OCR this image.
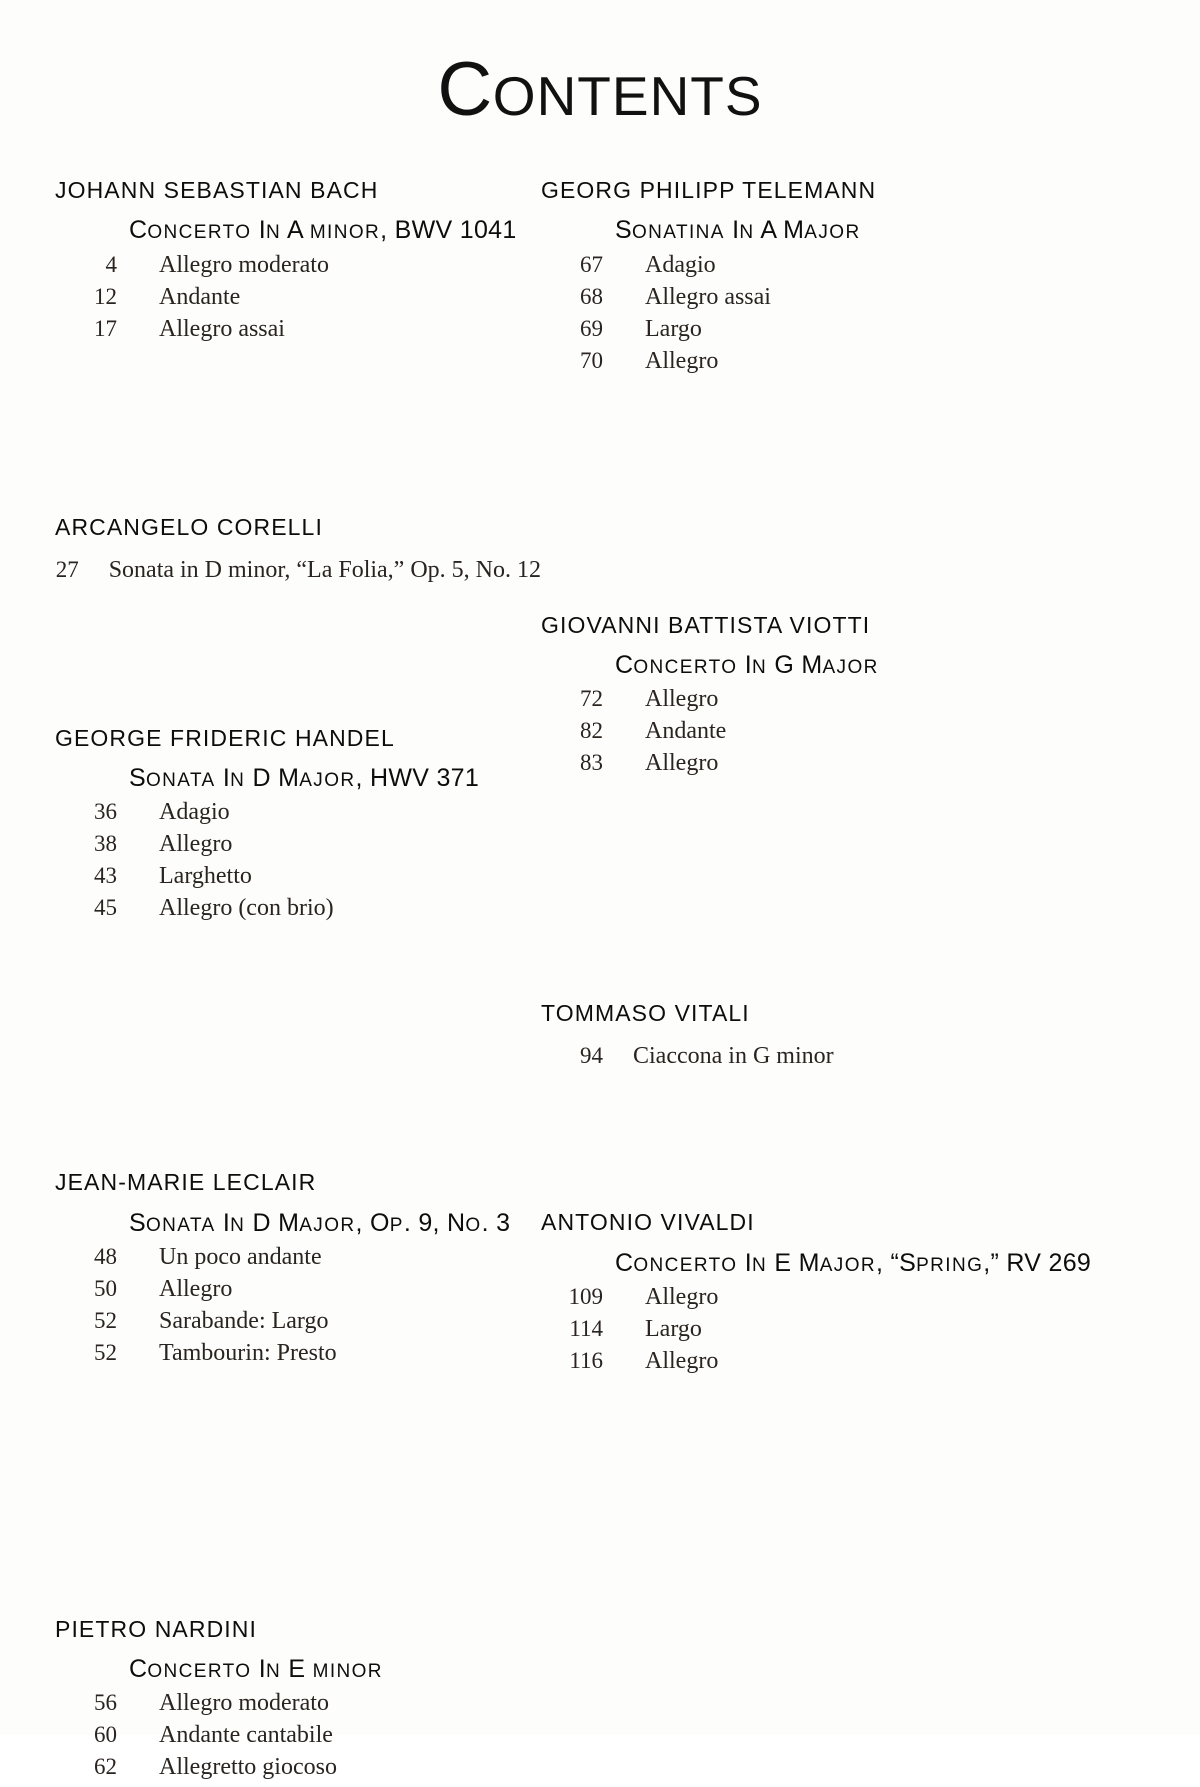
CONTENTS
JOHANN SEBASTIAN BACH
CONCERTO IN A MINOR, BWV 1041
4 Allegro moderato
12 Andante
17 Allegro assai
ARCANGELO CORELLI
27 Sonata in D minor, “La Folia,” Op. 5, No. 12
GEORGE FRIDERIC HANDEL
SONATA IN D MAJOR, HWV 371
36 Adagio
38 Allegro
43 Larghetto
45 Allegro (con brio)
JEAN-MARIE LECLAIR
SONATA IN D MAJOR, OP. 9, NO. 3
48 Un poco andante
50 Allegro
52 Sarabande: Largo
52 Tambourin: Presto
PIETRO NARDINI
CONCERTO IN E MINOR
56 Allegro moderato
60 Andante cantabile
62 Allegretto giocoso
GEORG PHILIPP TELEMANN
SONATINA IN A MAJOR
67 Adagio
68 Allegro assai
69 Largo
70 Allegro
GIOVANNI BATTISTA VIOTTI
CONCERTO IN G MAJOR
72 Allegro
82 Andante
83 Allegro
TOMMASO VITALI
94 Ciaccona in G minor
ANTONIO VIVALDI
CONCERTO IN E MAJOR, “SPRING,” RV 269
109 Allegro
114 Largo
116 Allegro
